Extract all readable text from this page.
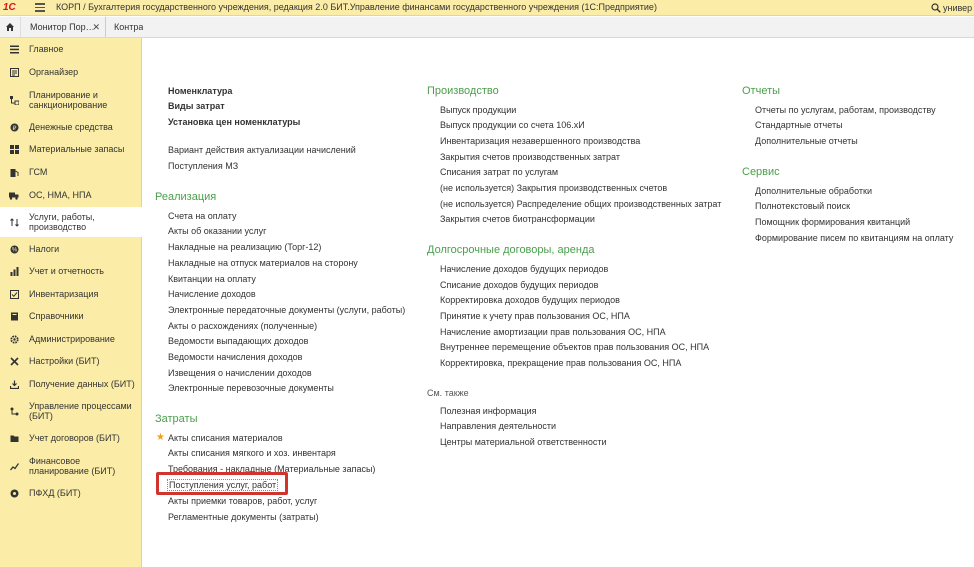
1С	КОРП / Бухгалтерия государственного учреждения, редакция 2.0 БИТ.Управление финансами государственного учреждения (1С:Предприятие)	универ
Монитор Пор…
✕	Контра
Главное
Органайзер
Планирование и санкционирование
₽ Денежные средства
Материальные запасы
ГСМ
ОС, НМА, НПА
Услуги, работы, производство
% Налоги
Учет и отчетность
Инвентаризация
Справочники
Администрирование
Настройки (БИТ)
Получение данных (БИТ)
Управление процессами (БИТ)
Учет договоров (БИТ)
Финансовое планирование (БИТ)
ПФХД (БИТ)
Номенклатура
Виды затрат
Установка цен номенклатуры
Вариант действия актуализации начислений
Поступления МЗ
Реализация
Счета на оплату
Акты об оказании услуг
Накладные на реализацию (Торг-12)
Накладные на отпуск материалов на сторону
Квитанции на оплату
Начисление доходов
Электронные передаточные документы (услуги, работы)
Акты о расхождениях (полученные)
Ведомости выпадающих доходов
Ведомости начисления доходов
Извещения о начислении доходов
Электронные перевозочные документы
Затраты
★ Акты списания материалов
Акты списания мягкого и хоз. инвентаря
Требования - накладные (Материальные запасы)
Поступления услуг, работ
Акты приемки товаров, работ, услуг
Регламентные документы (затраты)
Производство
Выпуск продукции
Выпуск продукции со счета 106.хИ
Инвентаризация незавершенного производства
Закрытия счетов производственных затрат
Списания затрат по услугам
(не используется) Закрытия производственных счетов
(не используется) Распределение общих производственных затрат
Закрытия счетов биотрансформации
Долгосрочные договоры, аренда
Начисление доходов будущих периодов
Списание доходов будущих периодов
Корректировка доходов будущих периодов
Принятие к учету прав пользования ОС, НПА
Начисление амортизации прав пользования ОС, НПА
Внутреннее перемещение объектов прав пользования ОС, НПА
Корректировка, прекращение прав пользования ОС, НПА
См. также
Полезная информация
Направления деятельности
Центры материальной ответственности
Отчеты
Отчеты по услугам, работам, производству
Стандартные отчеты
Дополнительные отчеты
Сервис
Дополнительные обработки
Полнотекстовый поиск
Помощник формирования квитанций
Формирование писем по квитанциям на оплату
